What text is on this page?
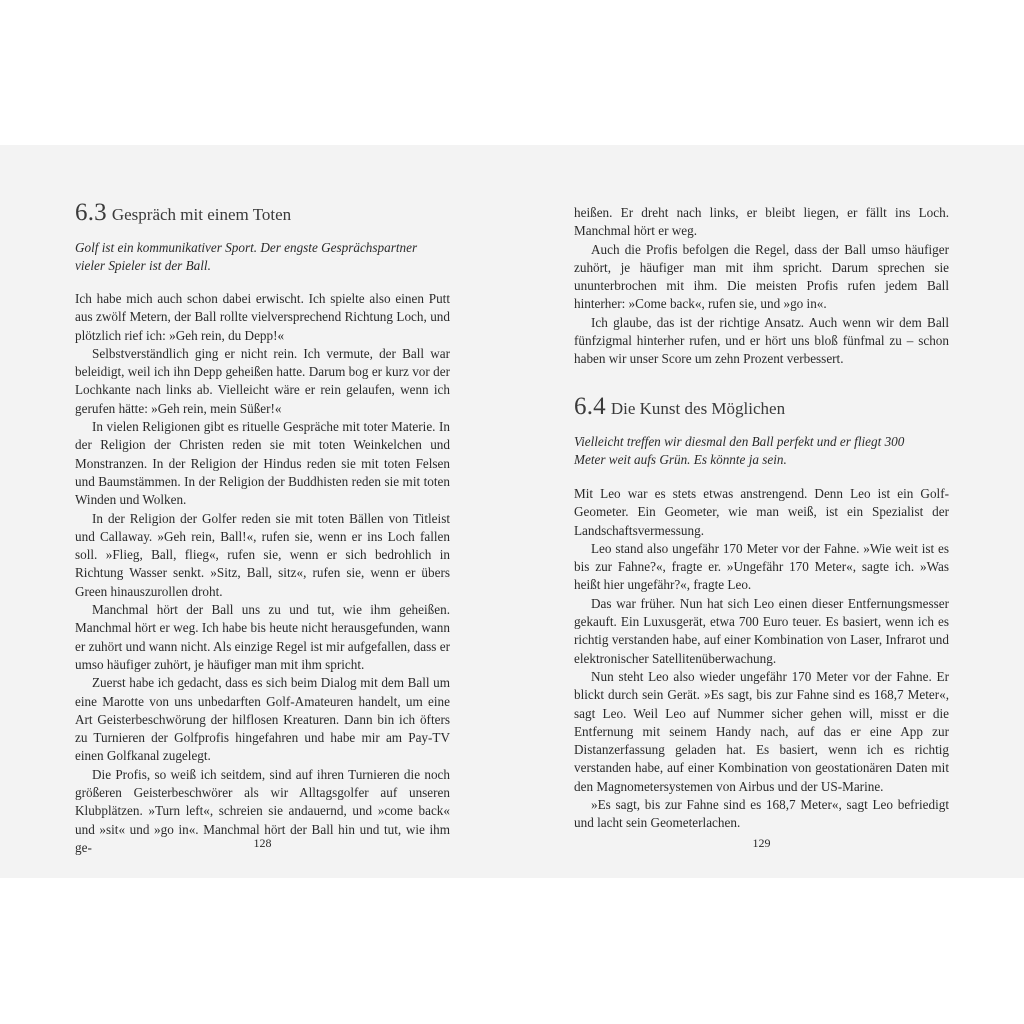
6.3 Gespräch mit einem Toten

Golf ist ein kommunikativer Sport. Der engste Gesprächspartner vieler Spieler ist der Ball.

Ich habe mich auch schon dabei erwischt. Ich spielte also einen Putt aus zwölf Metern, der Ball rollte vielversprechend Richtung Loch, und plötzlich rief ich: »Geh rein, du Depp!«

Selbstverständlich ging er nicht rein. Ich vermute, der Ball war beleidigt, weil ich ihn Depp geheißen hatte. Darum bog er kurz vor der Lochkante nach links ab. Vielleicht wäre er rein gelaufen, wenn ich gerufen hätte: »Geh rein, mein Süßer!«

In vielen Religionen gibt es rituelle Gespräche mit toter Materie. In der Religion der Christen reden sie mit toten Weinkelchen und Monstranzen. In der Religion der Hindus reden sie mit toten Felsen und Baumstämmen. In der Religion der Buddhisten reden sie mit toten Winden und Wolken.

In der Religion der Golfer reden sie mit toten Bällen von Titleist und Callaway. »Geh rein, Ball!«, rufen sie, wenn er ins Loch fallen soll. »Flieg, Ball, flieg«, rufen sie, wenn er sich bedrohlich in Richtung Wasser senkt. »Sitz, Ball, sitz«, rufen sie, wenn er übers Green hinauszurollen droht.

Manchmal hört der Ball uns zu und tut, wie ihm geheißen. Manchmal hört er weg. Ich habe bis heute nicht herausgefunden, wann er zuhört und wann nicht. Als einzige Regel ist mir aufgefallen, dass er umso häufiger zuhört, je häufiger man mit ihm spricht.

Zuerst habe ich gedacht, dass es sich beim Dialog mit dem Ball um eine Marotte von uns unbedarften Golf-Amateuren handelt, um eine Art Geisterbeschwörung der hilflosen Kreaturen. Dann bin ich öfters zu Turnieren der Golfprofis hingefahren und habe mir am Pay-TV einen Golfkanal zugelegt.

Die Profis, so weiß ich seitdem, sind auf ihren Turnieren die noch größeren Geisterbeschwörer als wir Alltagsgolfer auf unseren Klubplätzen. »Turn left«, schreien sie andauernd, und »come back« und »sit« und »go in«. Manchmal hört der Ball hin und tut, wie ihm ge-	128

heißen. Er dreht nach links, er bleibt liegen, er fällt ins Loch. Manchmal hört er weg.

Auch die Profis befolgen die Regel, dass der Ball umso häufiger zuhört, je häufiger man mit ihm spricht. Darum sprechen sie ununterbrochen mit ihm. Die meisten Profis rufen jedem Ball hinterher: »Come back«, rufen sie, und »go in«.

Ich glaube, das ist der richtige Ansatz. Auch wenn wir dem Ball fünfzigmal hinterher rufen, und er hört uns bloß fünfmal zu – schon haben wir unser Score um zehn Prozent verbessert.

6.4 Die Kunst des Möglichen

Vielleicht treffen wir diesmal den Ball perfekt und er fliegt 300 Meter weit aufs Grün. Es könnte ja sein.

Mit Leo war es stets etwas anstrengend. Denn Leo ist ein Golf-Geometer. Ein Geometer, wie man weiß, ist ein Spezialist der Landschaftsvermessung.

Leo stand also ungefähr 170 Meter vor der Fahne. »Wie weit ist es bis zur Fahne?«, fragte er. »Ungefähr 170 Meter«, sagte ich. »Was heißt hier ungefähr?«, fragte Leo.

Das war früher. Nun hat sich Leo einen dieser Entfernungsmesser gekauft. Ein Luxusgerät, etwa 700 Euro teuer. Es basiert, wenn ich es richtig verstanden habe, auf einer Kombination von Laser, Infrarot und elektronischer Satellitenüberwachung.

Nun steht Leo also wieder ungefähr 170 Meter vor der Fahne. Er blickt durch sein Gerät. »Es sagt, bis zur Fahne sind es 168,7 Meter«, sagt Leo. Weil Leo auf Nummer sicher gehen will, misst er die Entfernung mit seinem Handy nach, auf das er eine App zur Distanzerfassung geladen hat. Es basiert, wenn ich es richtig verstanden habe, auf einer Kombination von geostationären Daten mit den Magnometersystemen von Airbus und der US-Marine.

»Es sagt, bis zur Fahne sind es 168,7 Meter«, sagt Leo befriedigt und lacht sein Geometerlachen.

129
